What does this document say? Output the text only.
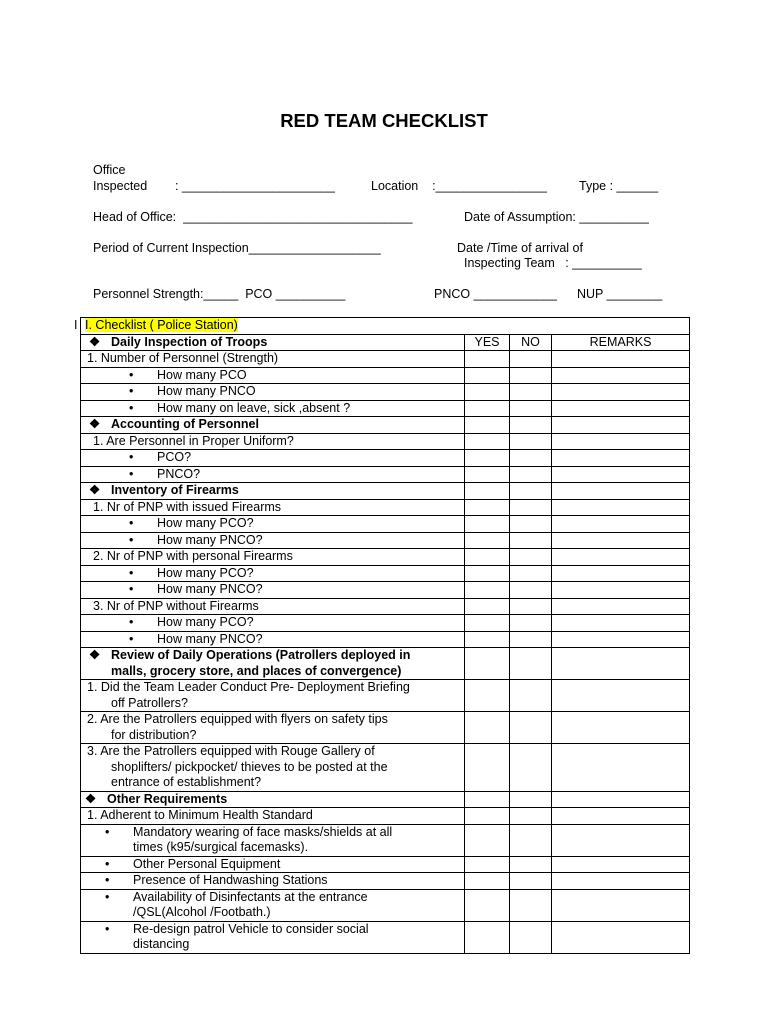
RED TEAM CHECKLIST
Office
Inspected        : ______________________	Location    :________________	Type : ______
Head of Office:  _________________________________	Date of Assumption: __________
Period of Current Inspection___________________	Date /Time of arrival of
Inspecting Team   : __________
Personnel Strength:_____  PCO __________	PNCO ____________ NUP ________
I I. Checklist ( Police Station)			
❖ Daily Inspection of Troops	YES	NO	REMARKS
1. Number of Personnel (Strength)			
• How many PCO			
• How many PNCO			
• How many on leave, sick ,absent ?			
❖ Accounting of Personnel			
1. Are Personnel in Proper Uniform?			
• PCO?			
• PNCO?			
❖ Inventory of Firearms			
1. Nr of PNP with issued Firearms			
• How many PCO?			
• How many PNCO?			
2. Nr of PNP with personal Firearms			
• How many PCO?			
• How many PNCO?			
3. Nr of PNP without Firearms			
• How many PCO?			
• How many PNCO?			
❖ Review of Daily Operations (Patrollers deployed in
malls, grocery store, and places of convergence)			
1. Did the Team Leader Conduct Pre- Deployment Briefing
off Patrollers?			
2. Are the Patrollers equipped with flyers on safety tips
for distribution?			
3. Are the Patrollers equipped with Rouge Gallery of
shoplifters/ pickpocket/ thieves to be posted at the
entrance of establishment?			
❖ Other Requirements			
1. Adherent to Minimum Health Standard			
• Mandatory wearing of face masks/shields at all
times (k95/surgical facemasks).			
• Other Personal Equipment			
• Presence of Handwashing Stations			
• Availability of Disinfectants at the entrance
/QSL(Alcohol /Footbath.)			
• Re-design patrol Vehicle to consider social
distancing			
